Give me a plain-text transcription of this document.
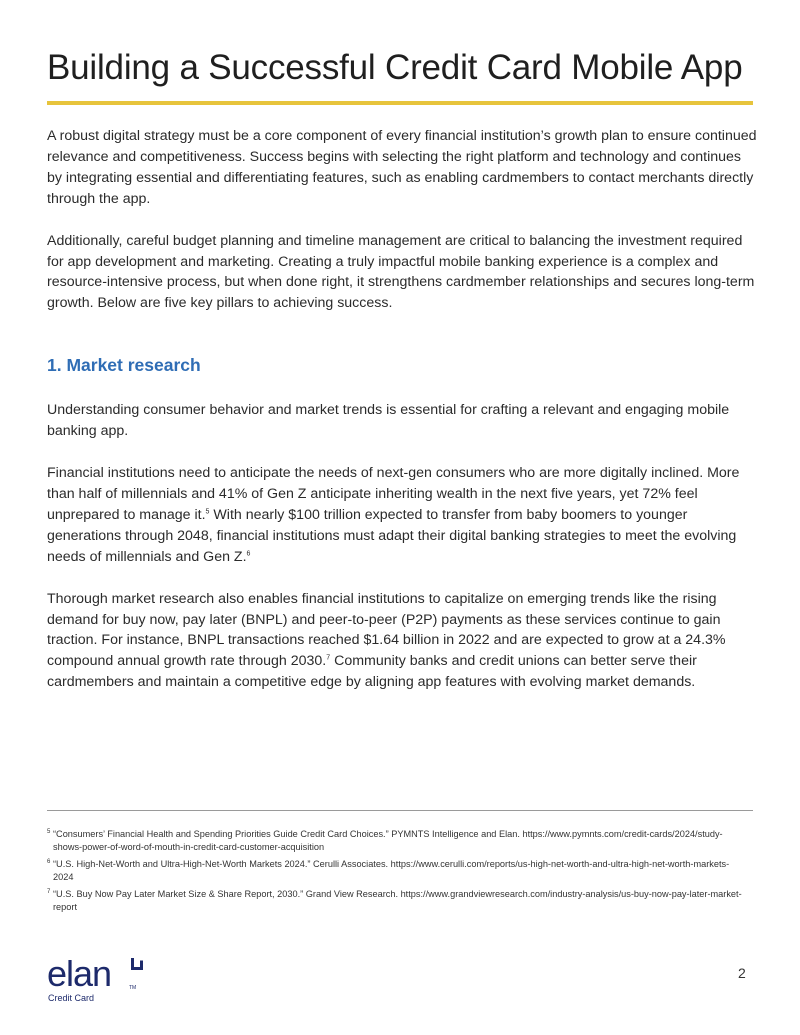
Building a Successful Credit Card Mobile App

A robust digital strategy must be a core component of every financial institution’s growth plan to ensure continued relevance and competitiveness. Success begins with selecting the right platform and technology and continues by integrating essential and differentiating features, such as enabling cardmembers to contact merchants directly through the app.

Additionally, careful budget planning and timeline management are critical to balancing the investment required for app development and marketing. Creating a truly impactful mobile banking experience is a complex and resource-intensive process, but when done right, it strengthens cardmember relationships and secures long-term growth. Below are five key pillars to achieving success.

1. Market research

Understanding consumer behavior and market trends is essential for crafting a relevant and engaging mobile banking app.

Financial institutions need to anticipate the needs of next-gen consumers who are more digitally inclined. More than half of millennials and 41% of Gen Z anticipate inheriting wealth in the next five years, yet 72% feel unprepared to manage it.$^5$ With nearly $100 trillion expected to transfer from baby boomers to younger generations through 2048, financial institutions must adapt their digital banking strategies to meet the evolving needs of millennials and Gen Z.$^6$

Thorough market research also enables financial institutions to capitalize on emerging trends like the rising demand for buy now, pay later (BNPL) and peer-to-peer (P2P) payments as these services continue to gain traction. For instance, BNPL transactions reached $1.64 billion in 2022 and are expected to grow at a 24.3% compound annual growth rate through 2030.$^7$ Community banks and credit unions can better serve their cardmembers and maintain a competitive edge by aligning app features with evolving market demands.

5 “Consumers’ Financial Health and Spending Priorities Guide Credit Card Choices.” PYMNTS Intelligence and Elan. https://www.pymnts.com/credit-cards/2024/study-shows-power-of-word-of-mouth-in-credit-card-customer-acquisition
6 “U.S. High-Net-Worth and Ultra-High-Net-Worth Markets 2024.” Cerulli Associates. https://www.cerulli.com/reports/us-high-net-worth-and-ultra-high-net-worth-markets-2024
7 “U.S. Buy Now Pay Later Market Size & Share Report, 2030.” Grand View Research. https://www.grandviewresearch.com/industry-analysis/us-buy-now-pay-later-market-report
elan	TM
Credit Card
2
